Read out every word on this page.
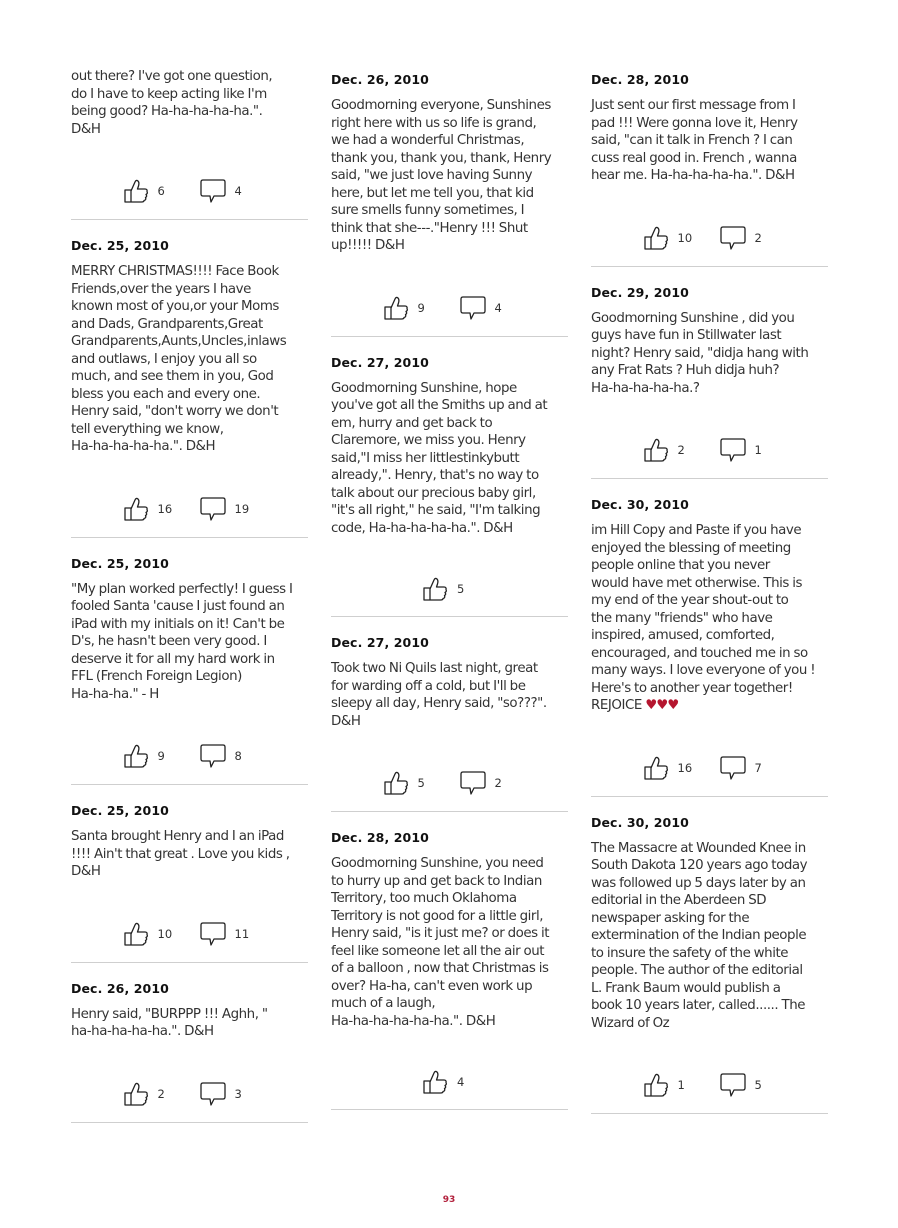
out there? I've got one question,
do I have to keep acting like I'm
being good? Ha-ha-ha-ha-ha.".
D&H

6	4
Dec. 25, 2010

MERRY CHRISTMAS!!!! Face Book
Friends,over the years I have
known most of you,or your Moms
and Dads, Grandparents,Great
Grandparents,Aunts,Uncles,inlaws
and outlaws, I enjoy you all so
much, and see them in you, God
bless you each and every one.
Henry said, "don't worry we don't
tell everything we know,
Ha-ha-ha-ha-ha.". D&H

16	19
Dec. 25, 2010

"My plan worked perfectly! I guess I
fooled Santa 'cause I just found an
iPad with my initials on it! Can't be
D's, he hasn't been very good. I
deserve it for all my hard work in
FFL (French Foreign Legion)
Ha-ha-ha." - H

9	8
Dec. 25, 2010

Santa brought Henry and I an iPad
!!!! Ain't that great . Love you kids ,
D&H

10	11
Dec. 26, 2010

Henry said, "BURPPP !!! Aghh, "
ha-ha-ha-ha-ha.". D&H

2	3
Dec. 26, 2010

Goodmorning everyone, Sunshines
right here with us so life is grand,
we had a wonderful Christmas,
thank you, thank you, thank, Henry
said, "we just love having Sunny
here, but let me tell you, that kid
sure smells funny sometimes, I
think that she---."Henry !!! Shut
up!!!!! D&H

9	4
Dec. 27, 2010

Goodmorning Sunshine, hope
you've got all the Smiths up and at
em, hurry and get back to
Claremore, we miss you. Henry
said,"I miss her littlestinkybutt
already,". Henry, that's no way to
talk about our precious baby girl,
"it's all right," he said, "I'm talking
code, Ha-ha-ha-ha-ha.". D&H

5
Dec. 27, 2010

Took two Ni Quils last night, great
for warding off a cold, but I'll be
sleepy all day, Henry said, "so???".
D&H

5	2
Dec. 28, 2010

Goodmorning Sunshine, you need
to hurry up and get back to Indian
Territory, too much Oklahoma
Territory is not good for a little girl,
Henry said, "is it just me? or does it
feel like someone let all the air out
of a balloon , now that Christmas is
over? Ha-ha, can't even work up
much of a laugh,
Ha-ha-ha-ha-ha-ha.". D&H

4
Dec. 28, 2010

Just sent our first message from I
pad !!! Were gonna love it, Henry
said, "can it talk in French ? I can
cuss real good in. French , wanna
hear me. Ha-ha-ha-ha-ha.". D&H

10	2
Dec. 29, 2010

Goodmorning Sunshine , did you
guys have fun in Stillwater last
night? Henry said, "didja hang with
any Frat Rats ? Huh didja huh?
Ha-ha-ha-ha-ha.?

2	1
Dec. 30, 2010

im Hill Copy and Paste if you have
enjoyed the blessing of meeting
people online that you never
would have met otherwise. This is
my end of the year shout-out to
the many "friends" who have
inspired, amused, comforted,
encouraged, and touched me in so
many ways. I love everyone of you !
Here's to another year together!
REJOICE ♥♥♥

16	7
Dec. 30, 2010

The Massacre at Wounded Knee in
South Dakota 120 years ago today
was followed up 5 days later by an
editorial in the Aberdeen SD
newspaper asking for the
extermination of the Indian people
to insure the safety of the white
people. The author of the editorial
L. Frank Baum would publish a
book 10 years later, called...... The
Wizard of Oz

1	5
93
